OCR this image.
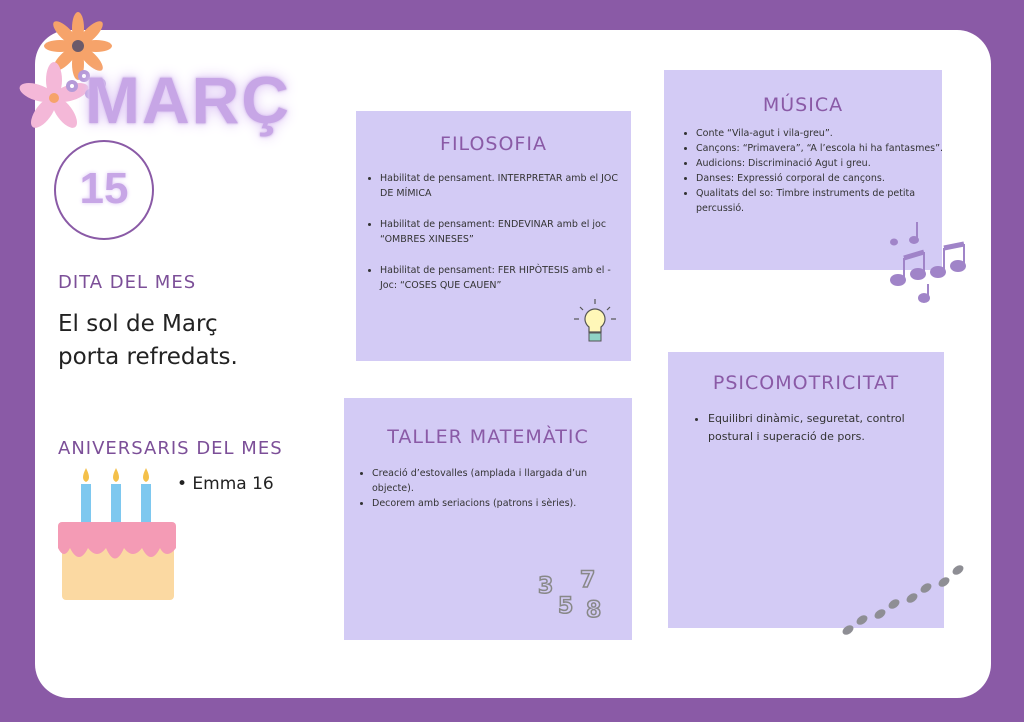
MARÇ
15
DITA DEL MES
El sol de Març
porta refredats.
ANIVERSARIS DEL MES
• Emma 16
FILOSOFIA
• Habilitat de pensament. INTERPRETAR amb el JOC DE MÍMICA
• Habilitat de pensament: ENDEVINAR amb el joc “OMBRES XINESES”
• Habilitat de pensament: FER HIPÒTESIS amb el -Joc: “COSES QUE CAUEN”
MÚSICA
• Conte “Vila-agut i vila-greu”.
• Cançons: “Primavera”, “A l’escola hi ha fantasmes”.
• Audicions: Discriminació Agut i greu.
• Danses: Expressió corporal de cançons.
• Qualitats del so: Timbre instruments de petita percussió.
TALLER MATEMÀTIC
• Creació d’estovalles (amplada i llargada d’un objecte).
• Decorem amb seriacions (patrons i sèries).
3 7
5 8
PSICOMOTRICITAT
• Equilibri dinàmic, seguretat, control postural i superació de pors.
